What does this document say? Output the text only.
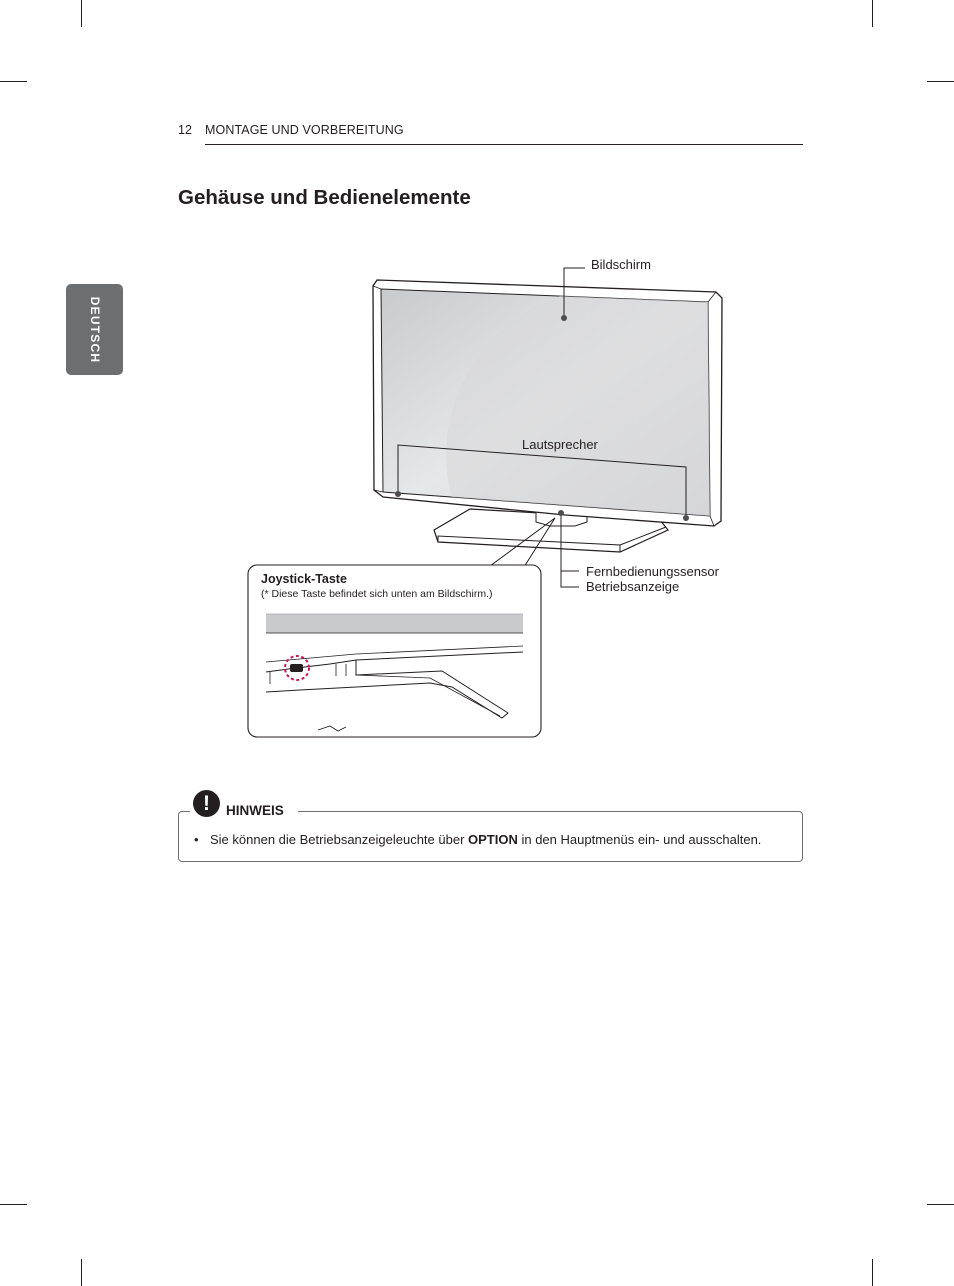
12 MONTAGE UND VORBEREITUNG
DEUTSCH
Gehäuse und Bedienelemente
Bildschirm
Lautsprecher
Fernbedienungssensor
Betriebsanzeige
Joystick-Taste
(* Diese Taste befindet sich unten am Bildschirm.)
!	HINWEIS
• Sie können die Betriebsanzeigeleuchte über OPTION in den Hauptmenüs ein- und ausschalten.
